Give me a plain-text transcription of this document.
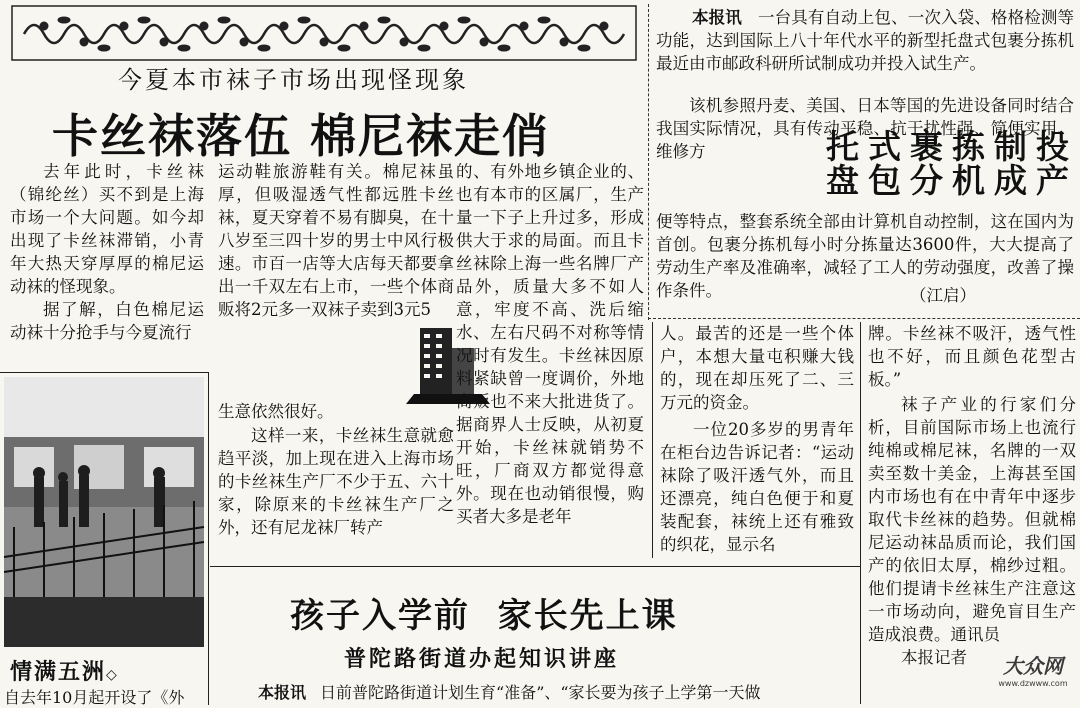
今夏本市袜子市场出现怪现象
卡丝袜落伍 棉尼袜走俏

去年此时，卡丝袜（锦纶丝）买不到是上海市场一个大问题。如今却出现了卡丝袜滞销，小青年大热天穿厚厚的棉尼运动袜的怪现象。

据了解，白色棉尼运动袜十分抢手与今夏流行

情满五洲◇
自去年10月起开设了《外

运动鞋旅游鞋有关。棉尼袜虽厚，但吸湿透气性都远胜卡丝袜，夏天穿着不易有脚臭，在十八岁至三四十岁的男士中风行极速。市百一店等大店每天都要拿出一千双左右上市，一些个体商贩将2元多一双袜子卖到3元5

生意依然很好。

这样一来，卡丝袜生意就愈趋平淡，加上现在进入上海市场的卡丝袜生产厂不少于五、六十家，除原来的卡丝袜生产厂之外，还有尼龙袜厂转产

的、有外地乡镇企业的、也有本市的区属厂，生产量一下子上升过多，形成供大于求的局面。而且卡丝袜除上海一些名牌厂产品外，质量大多不如人意，牢度不高、洗后缩水、左右尺码不对称等情况时有发生。卡丝袜因原料紧缺曾一度调价，外地商贩也不来大批进货了。据商界人士反映，从初夏开始，卡丝袜就销势不旺，厂商双方都觉得意外。现在也动销很慢，购买者大多是老年

本报讯 一台具有自动上包、一次入袋、格格检测等功能，达到国际上八十年代水平的新型托盘式包裹分拣机最近由市邮政科研所试制成功并投入试生产。

该机参照丹麦、美国、日本等国的先进设备同时结合我国实际情况，具有传动平稳、抗干扰性强、简便实用、维修方	托盘
式包
裹分
拣机
制成
投产

便等特点，整套系统全部由计算机自动控制，这在国内为首创。包裹分拣机每小时分拣量达3600件，大大提高了劳动生产率及准确率，减轻了工人的劳动强度，改善了操作条件。	（江启）

人。最苦的还是一些个体户，本想大量屯积赚大钱的，现在却压死了二、三万元的资金。

一位20多岁的男青年在柜台边告诉记者：“运动袜除了吸汗透气外，而且还漂亮，纯白色便于和夏装配套，袜统上还有雅致的织花，显示名

牌。卡丝袜不吸汗，透气性也不好，而且颜色花型古板。”

袜子产业的行家们分析，目前国际市场上也流行纯棉或棉尼袜，名牌的一双卖至数十美金，上海甚至国内市场也有在中青年中逐步取代卡丝袜的趋势。但就棉尼运动袜品质而论，我们国产的依旧太厚，棉纱过粗。他们提请卡丝袜生产注意这一市场动向，避免盲目生产造成浪费。通讯员

本报记者	大众网
www.dzwww.com
孩子入学前  家长先上课
普陀路街道办起知识讲座
本报讯 日前普陀路街道计划生育“准备”、“家长要为孩子上学第一天做
